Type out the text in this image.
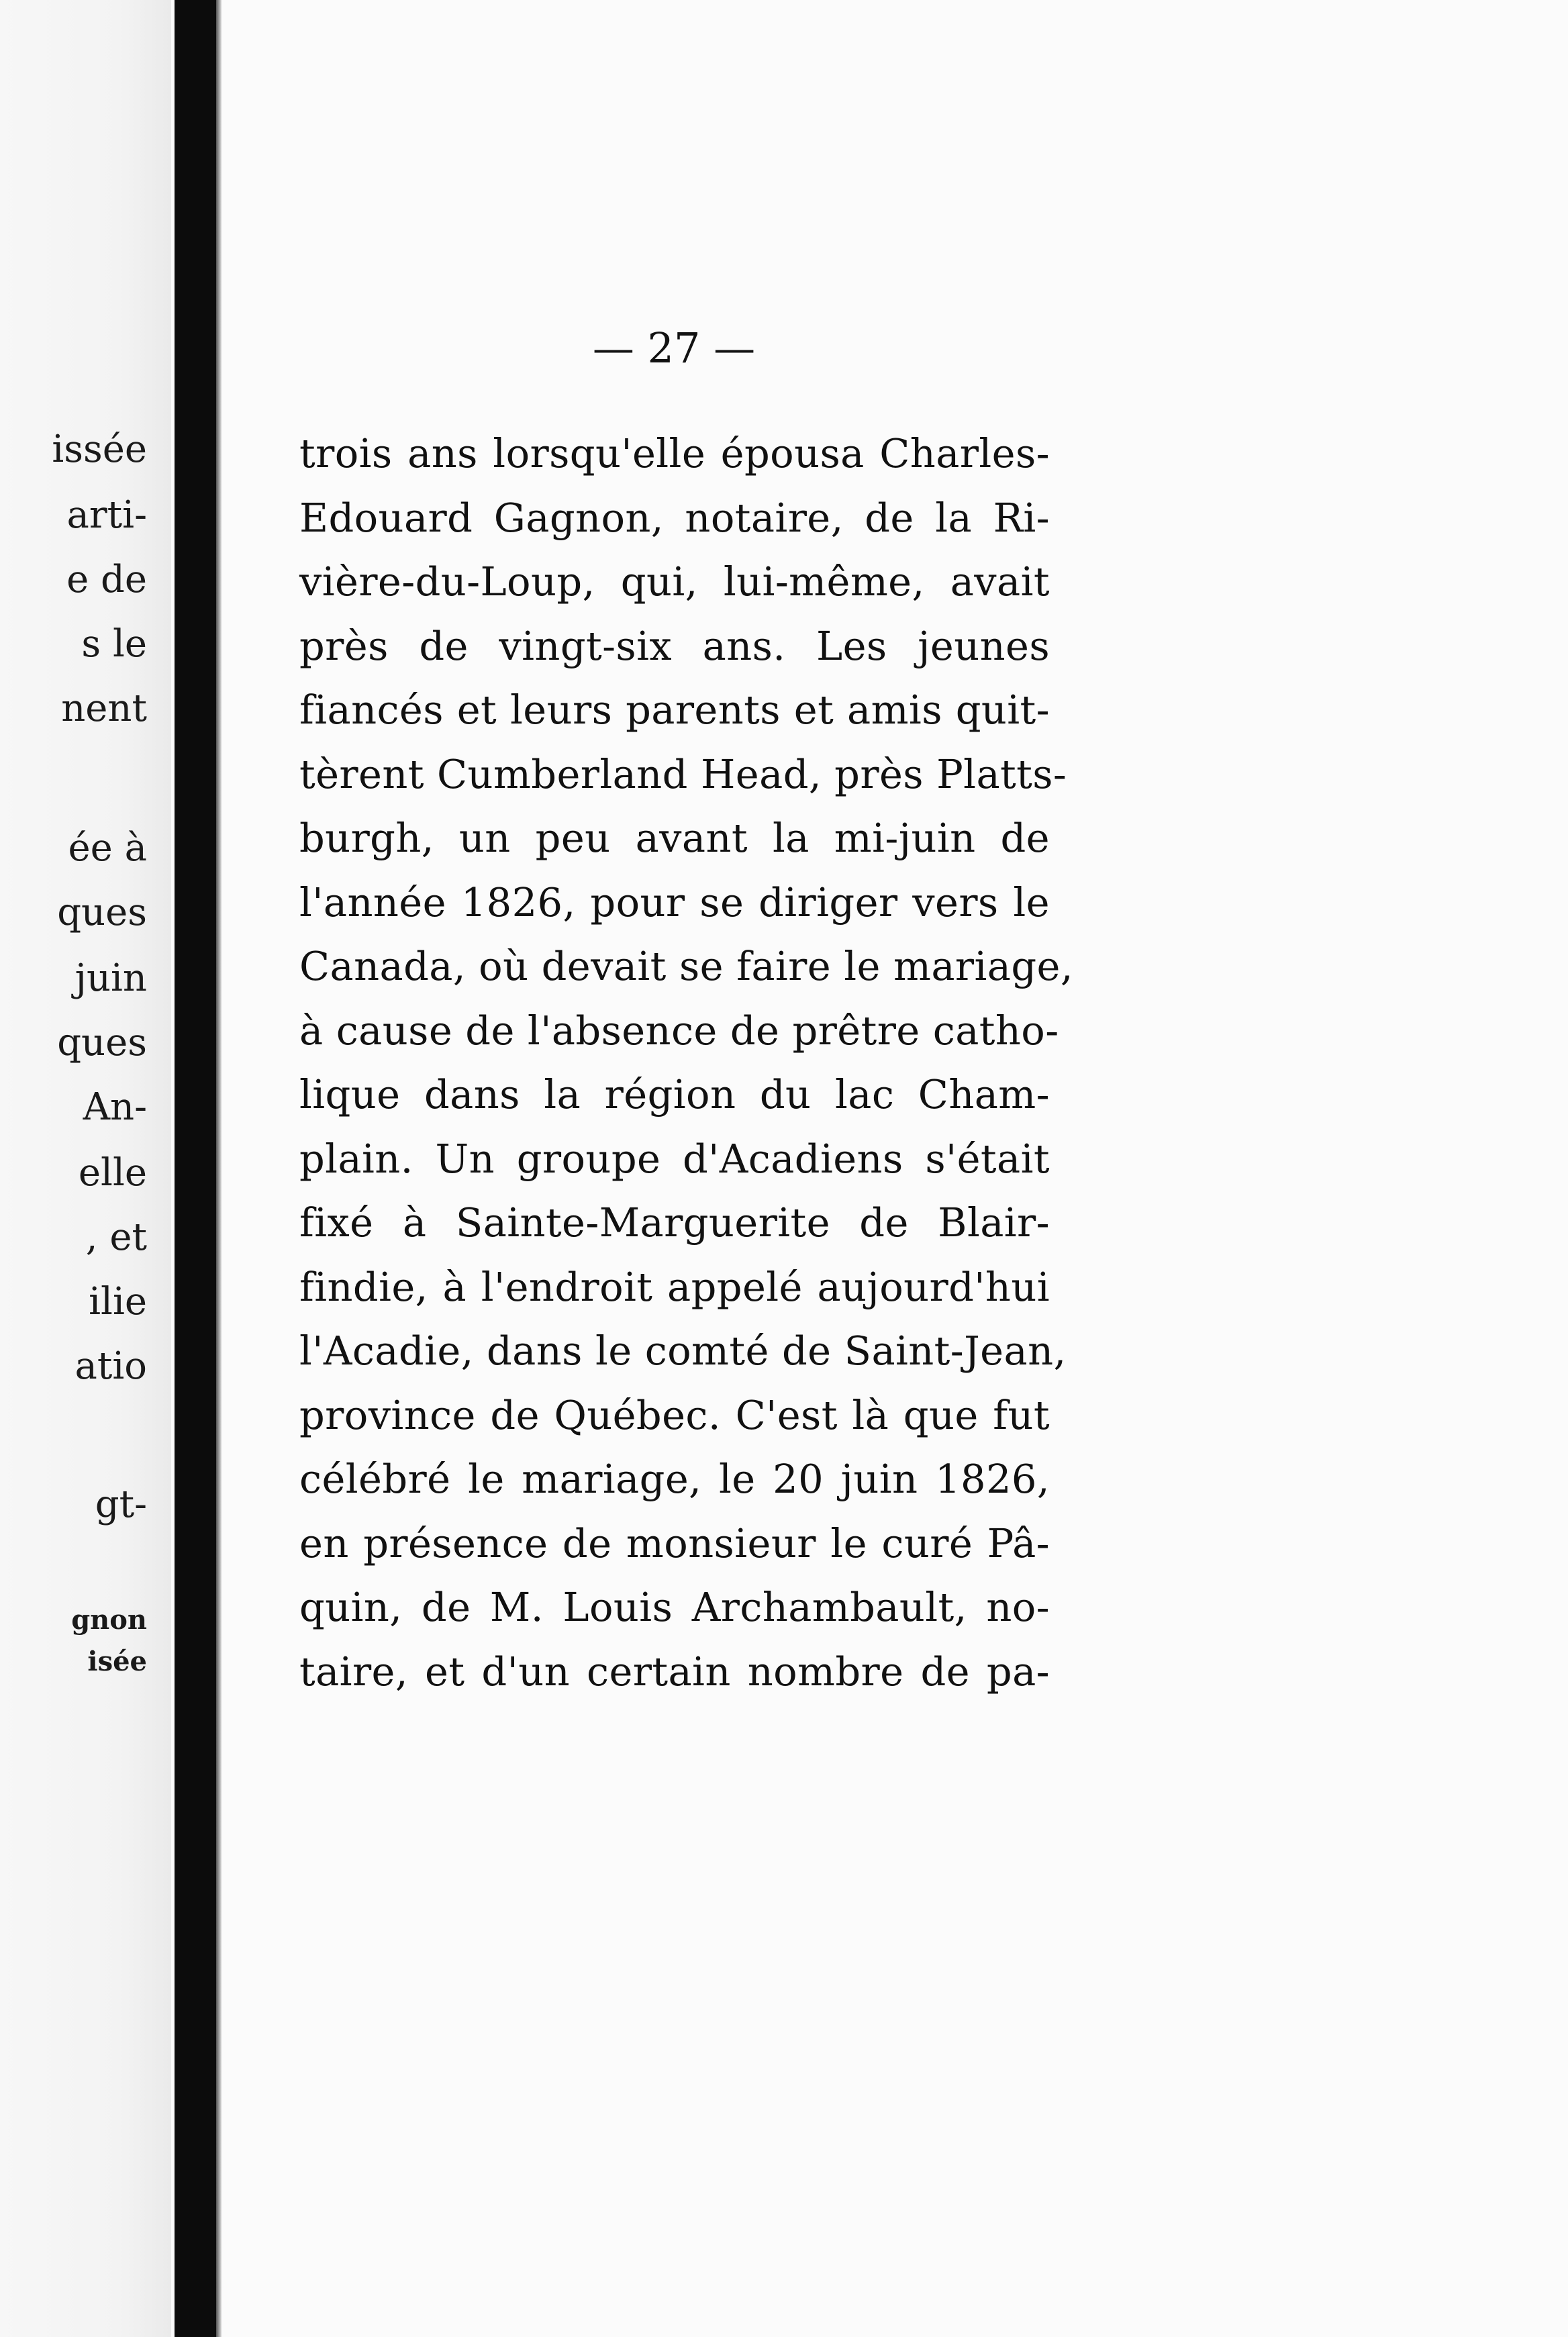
issée
arti-
e de
s le
nent
ée à
ques
juin
ques
An-
elle
, et
ilie
atio
gt-
gnon
isée
— 27 —
trois ans lorsqu'elle épousa Charles-
Edouard Gagnon, notaire, de la Ri-
vière-du-Loup, qui, lui-même, avait
près de vingt-six ans. Les jeunes
fiancés et leurs parents et amis quit-
tèrent Cumberland Head, près Platts-
burgh, un peu avant la mi-juin de
l'année 1826, pour se diriger vers le
Canada, où devait se faire le mariage,
à cause de l'absence de prêtre catho-
lique dans la région du lac Cham-
plain. Un groupe d'Acadiens s'était
fixé à Sainte-Marguerite de Blair-
findie, à l'endroit appelé aujourd'hui
l'Acadie, dans le comté de Saint-Jean,
province de Québec. C'est là que fut
célébré le mariage, le 20 juin 1826,
en présence de monsieur le curé Pâ-
quin, de M. Louis Archambault, no-
taire, et d'un certain nombre de pa-
